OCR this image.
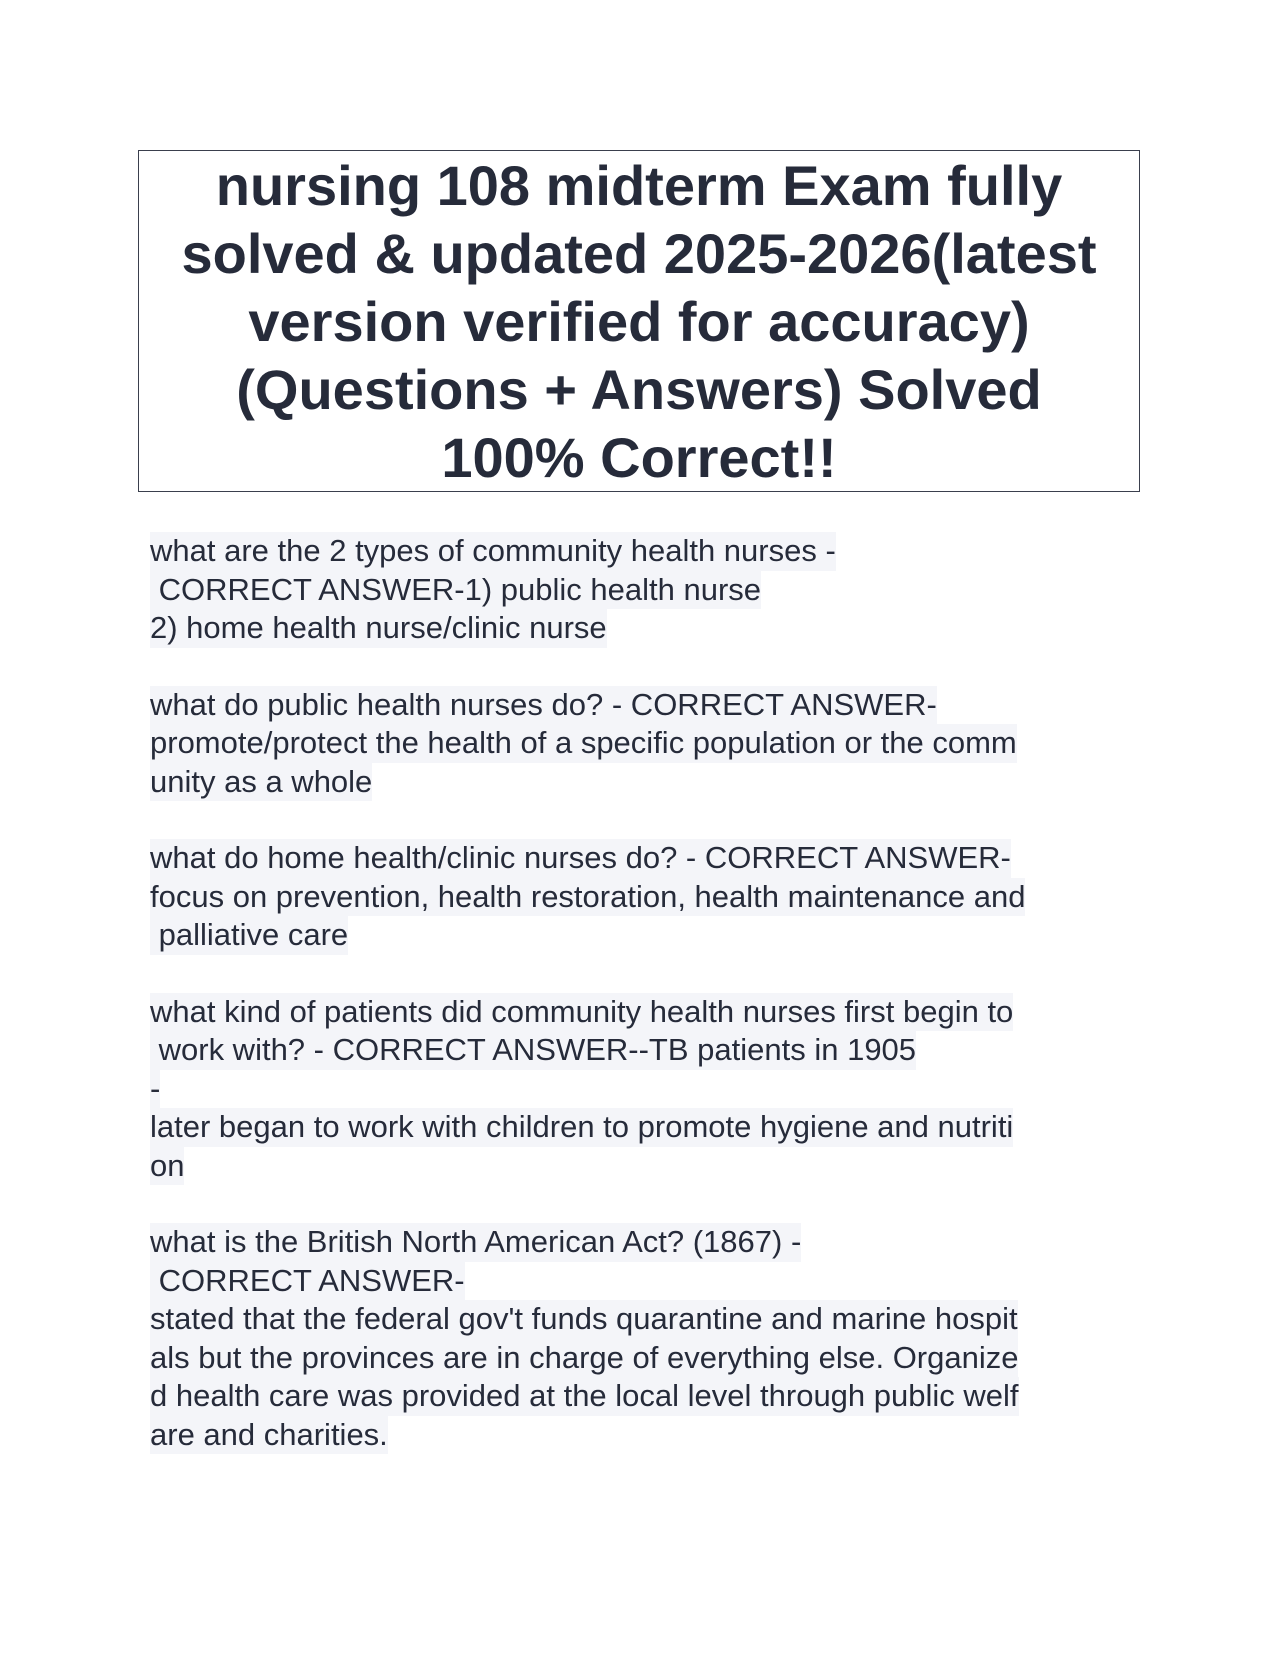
nursing 108 midterm Exam fully
solved & updated 2025-2026(latest
version verified for accuracy)
(Questions + Answers) Solved
100% Correct!!
what are the 2 types of community health nurses -
CORRECT ANSWER-1) public health nurse
2) home health nurse/clinic nurse
what do public health nurses do? - CORRECT ANSWER-
promote/protect the health of a specific population or the comm
unity as a whole
what do home health/clinic nurses do? - CORRECT ANSWER-
focus on prevention, health restoration, health maintenance and
palliative care
what kind of patients did community health nurses first begin to
work with? - CORRECT ANSWER--TB patients in 1905
-
later began to work with children to promote hygiene and nutriti
on
what is the British North American Act? (1867) -
CORRECT ANSWER-
stated that the federal gov't funds quarantine and marine hospit
als but the provinces are in charge of everything else. Organize
d health care was provided at the local level through public welf
are and charities.
